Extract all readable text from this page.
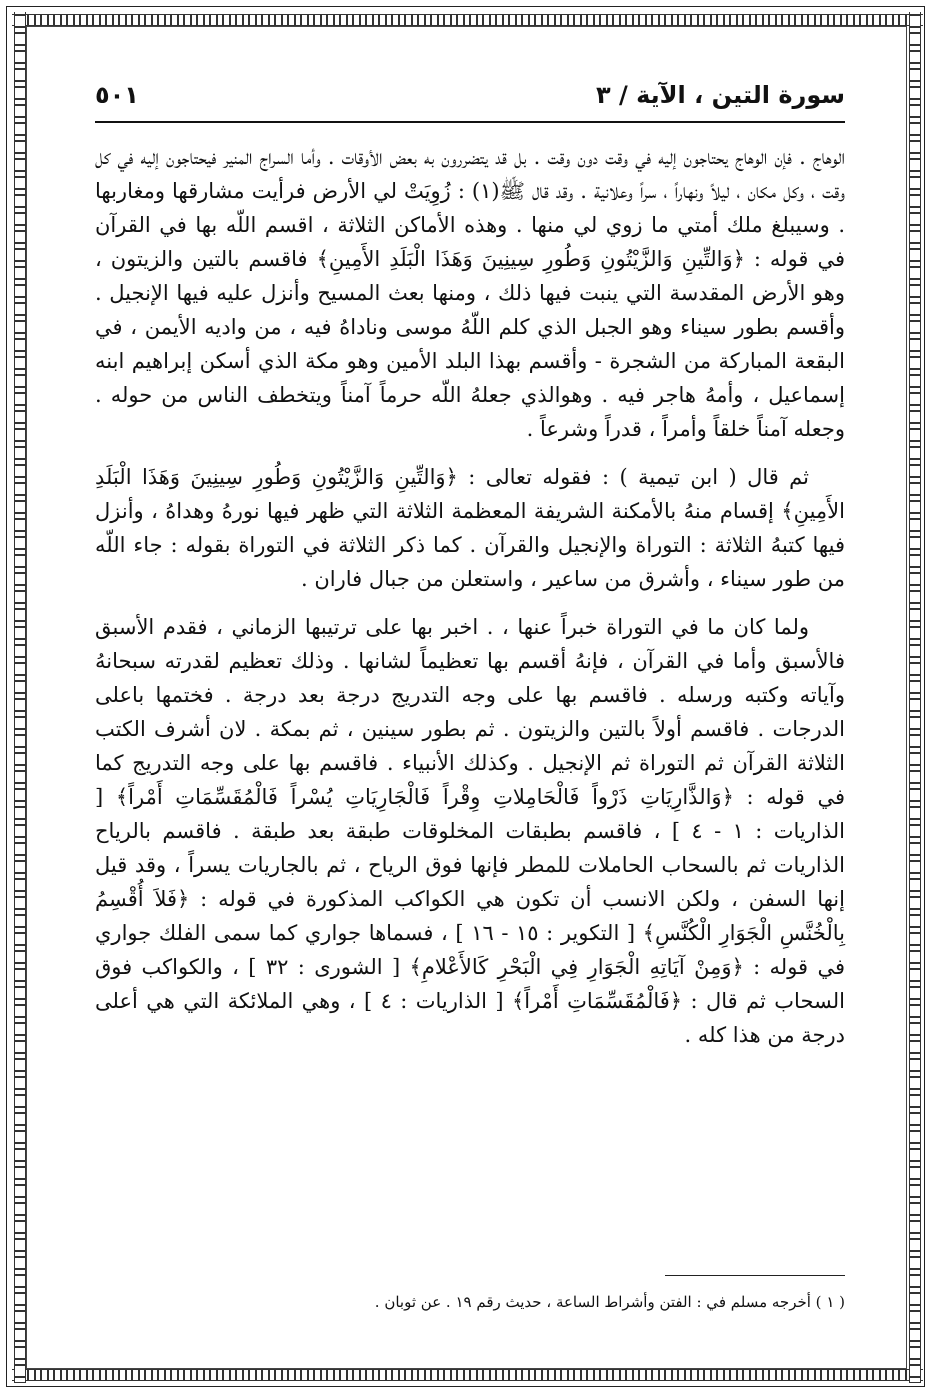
سورة التين ، الآية / ٣
٥٠١

الوهاج . فإن الوهاج يحتاجون إليه في وقت دون وقت . بل قد يتضررون به بعض الأوقات . وأما السراج المنير فيحتاجون إليه في كل وقت ، وكل مكان ، ليلاً ونهاراً ، سراً وعلانية . وقد قال ﷺ(١) : زُوِيَتْ لي الأرض فرأيت مشارقها ومغاربها . وسيبلغ ملك أمتي ما زوي لي منها . وهذه الأماكن الثلاثة ، اقسم اللّه بها في القرآن في قوله : ﴿وَالتِّينِ وَالزَّيْتُونِ وَطُورِ سِينِينَ وَهَذَا الْبَلَدِ الأَمِينِ﴾ فاقسم بالتين والزيتون ، وهو الأرض المقدسة التي ينبت فيها ذلك ، ومنها بعث المسيح وأنزل عليه فيها الإنجيل . وأقسم بطور سيناء وهو الجبل الذي كلم اللّهُ موسى وناداهُ فيه ، من واديه الأيمن ، في البقعة المباركة من الشجرة - وأقسم بهذا البلد الأمين وهو مكة الذي أسكن إبراهيم ابنه إسماعيل ، وأمهُ هاجر فيه . وهوالذي جعلهُ اللّه حرماً آمناً ويتخطف الناس من حوله . وجعله آمناً خلقاً وأمراً ، قدراً وشرعاً .

ثم قال ( ابن تيمية ) : فقوله تعالى : ﴿وَالتِّينِ وَالزَّيْتُونِ وَطُورِ سِينِينَ وَهَذَا الْبَلَدِ الأَمِينِ﴾ إقسام منهُ بالأمكنة الشريفة المعظمة الثلاثة التي ظهر فيها نورهُ وهداهُ ، وأنزل فيها كتبهُ الثلاثة : التوراة والإنجيل والقرآن . كما ذكر الثلاثة في التوراة بقوله : جاء اللّه من طور سيناء ، وأشرق من ساعير ، واستعلن من جبال فاران .

ولما كان ما في التوراة خبراً عنها ، . اخبر بها على ترتيبها الزماني ، فقدم الأسبق فالأسبق وأما في القرآن ، فإنهُ أقسم بها تعظيماً لشانها . وذلك تعظيم لقدرته سبحانهُ وآياته وكتبه ورسله . فاقسم بها على وجه التدريج درجة بعد درجة . فختمها باعلى الدرجات . فاقسم أولاً بالتين والزيتون . ثم بطور سينين ، ثم بمكة . لان أشرف الكتب الثلاثة القرآن ثم التوراة ثم الإنجيل . وكذلك الأنبياء . فاقسم بها على وجه التدريج كما في قوله : ﴿وَالذَّارِيَاتِ ذَرْواً فَالْحَامِلاتِ وِقْراً فَالْجَارِيَاتِ يُسْراً فَالْمُقَسِّمَاتِ أَمْراً﴾ [ الذاريات : ١ - ٤ ] ، فاقسم بطبقات المخلوقات طبقة بعد طبقة . فاقسم بالرياح الذاريات ثم بالسحاب الحاملات للمطر فإنها فوق الرياح ، ثم بالجاريات يسراً ، وقد قيل إنها السفن ، ولكن الانسب أن تكون هي الكواكب المذكورة في قوله : ﴿فَلاَ أُقْسِمُ بِالْخُنَّسِ الْجَوَارِ الْكُنَّسِ﴾ [ التكوير : ١٥ - ١٦ ] ، فسماها جواري كما سمى الفلك جواري في قوله : ﴿وَمِنْ آيَاتِهِ الْجَوَارِ فِي الْبَحْرِ كَالأَعْلامِ﴾ [ الشورى : ٣٢ ] ، والكواكب فوق السحاب ثم قال : ﴿فَالْمُقَسِّمَاتِ أَمْراً﴾ [ الذاريات : ٤ ] ، وهي الملائكة التي هي أعلى درجة من هذا كله .

( ١ ) أخرجه مسلم في : الفتن وأشراط الساعة ، حديث رقم ١٩ . عن ثوبان .
